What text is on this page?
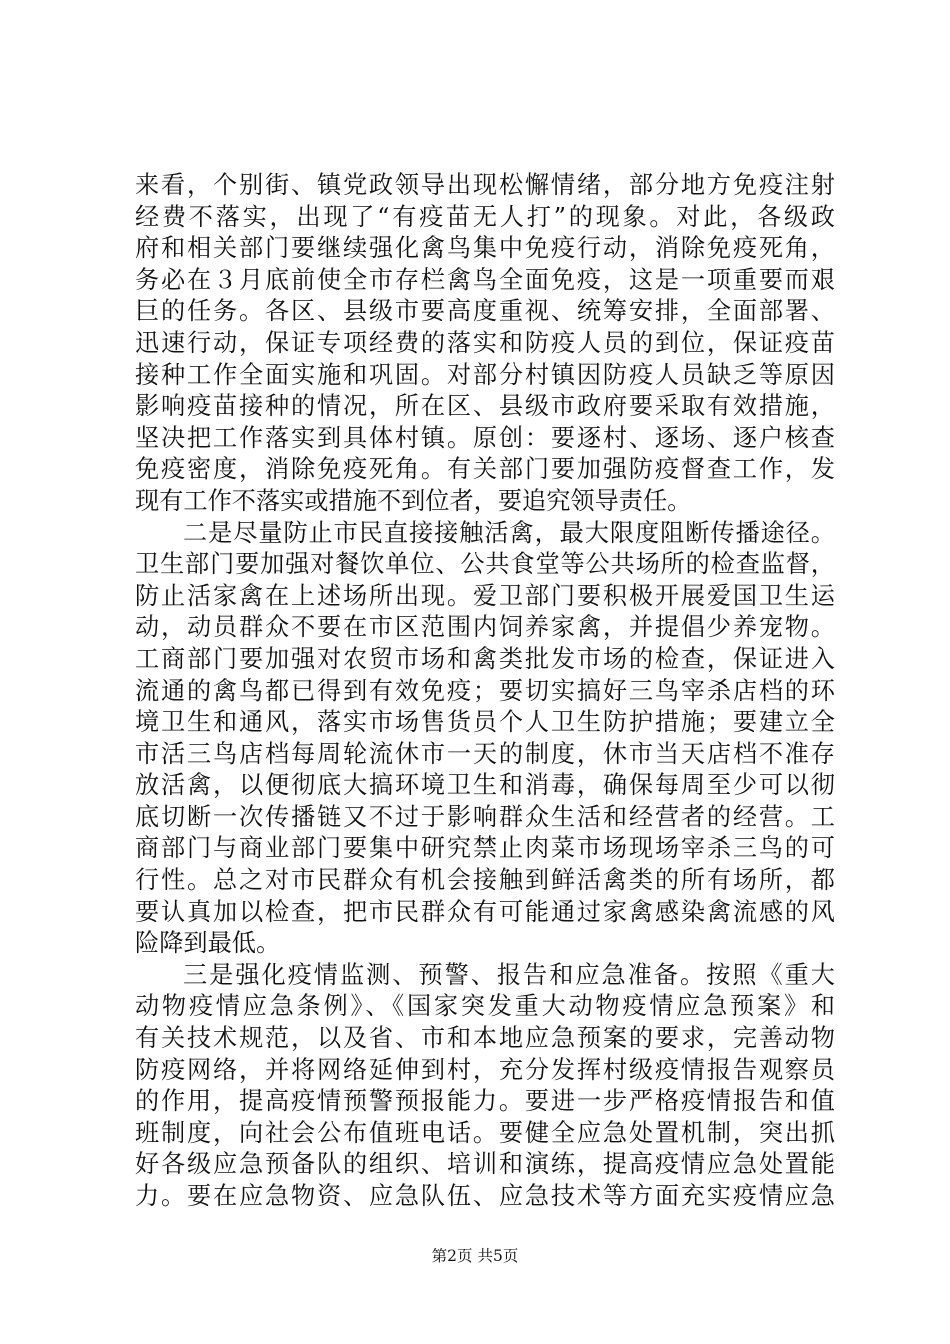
来看，个别街、镇党政领导出现松懈情绪，部分地方免疫注射
经费不落实，出现了“有疫苗无人打”的现象。对此，各级政
府和相关部门要继续强化禽鸟集中免疫行动，消除免疫死角，
务必在３月底前使全市存栏禽鸟全面免疫，这是一项重要而艰
巨的任务。各区、县级市要高度重视、统筹安排，全面部署、
迅速行动，保证专项经费的落实和防疫人员的到位，保证疫苗
接种工作全面实施和巩固。对部分村镇因防疫人员缺乏等原因
影响疫苗接种的情况，所在区、县级市政府要采取有效措施，
坚决把工作落实到具体村镇。原创：要逐村、逐场、逐户核查
免疫密度，消除免疫死角。有关部门要加强防疫督查工作，发
现有工作不落实或措施不到位者，要追究领导责任。
二是尽量防止市民直接接触活禽，最大限度阻断传播途径。
卫生部门要加强对餐饮单位、公共食堂等公共场所的检查监督，
防止活家禽在上述场所出现。爱卫部门要积极开展爱国卫生运
动，动员群众不要在市区范围内饲养家禽，并提倡少养宠物。
工商部门要加强对农贸市场和禽类批发市场的检查，保证进入
流通的禽鸟都已得到有效免疫；要切实搞好三鸟宰杀店档的环
境卫生和通风，落实市场售货员个人卫生防护措施；要建立全
市活三鸟店档每周轮流休市一天的制度，休市当天店档不准存
放活禽，以便彻底大搞环境卫生和消毒，确保每周至少可以彻
底切断一次传播链又不过于影响群众生活和经营者的经营。工
商部门与商业部门要集中研究禁止肉菜市场现场宰杀三鸟的可
行性。总之对市民群众有机会接触到鲜活禽类的所有场所，都
要认真加以检查，把市民群众有可能通过家禽感染禽流感的风
险降到最低。
三是强化疫情监测、预警、报告和应急准备。按照《重大
动物疫情应急条例》、《国家突发重大动物疫情应急预案》和
有关技术规范，以及省、市和本地应急预案的要求，完善动物
防疫网络，并将网络延伸到村，充分发挥村级疫情报告观察员
的作用，提高疫情预警预报能力。要进一步严格疫情报告和值
班制度，向社会公布值班电话。要健全应急处置机制，突出抓
好各级应急预备队的组织、培训和演练，提高疫情应急处置能
力。要在应急物资、应急队伍、应急技术等方面充实疫情应急
第2页 共5页
